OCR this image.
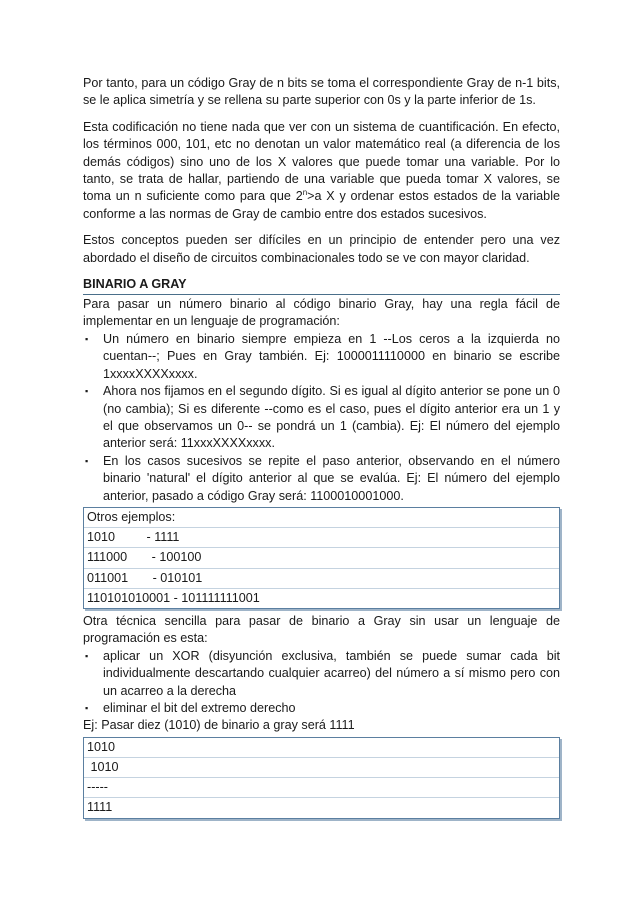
Por tanto, para un código Gray de n bits se toma el correspondiente Gray de n-1 bits, se le aplica simetría y se rellena su parte superior con 0s y la parte inferior de 1s.

Esta codificación no tiene nada que ver con un sistema de cuantificación. En efecto, los términos 000, 101, etc no denotan un valor matemático real (a diferencia de los demás códigos) sino uno de los X valores que puede tomar una variable. Por lo tanto, se trata de hallar, partiendo de una variable que pueda tomar X valores, se toma un n suficiente como para que $2^n>a$ X y ordenar estos estados de la variable conforme a las normas de Gray de cambio entre dos estados sucesivos.

Estos conceptos pueden ser difíciles en un principio de entender pero una vez abordado el diseño de circuitos combinacionales todo se ve con mayor claridad.

BINARIO A GRAY

Para pasar un número binario al código binario Gray, hay una regla fácil de implementar en un lenguaje de programación:

▪ Un número en binario siempre empieza en 1 --Los ceros a la izquierda no cuentan--; Pues en Gray también. Ej: 1000011110000 en binario se escribe 1xxxxXXXXxxxx.
▪ Ahora nos fijamos en el segundo dígito. Si es igual al dígito anterior se pone un 0 (no cambia); Si es diferente --como es el caso, pues el dígito anterior era un 1 y el que observamos un 0-- se pondrá un 1 (cambia). Ej: El número del ejemplo anterior será: 11xxxXXXXxxxx.
▪ En los casos sucesivos se repite el paso anterior, observando en el número binario 'natural' el dígito anterior al que se evalúa. Ej: El número del ejemplo anterior, pasado a código Gray será: 1100010001000.
Otros ejemplos:
1010         - 1111
111000       - 100100
011001       - 010101
110101010001 - 101111111001

Otra técnica sencilla para pasar de binario a Gray sin usar un lenguaje de programación es esta:

▪ aplicar un XOR (disyunción exclusiva, también se puede sumar cada bit individualmente descartando cualquier acarreo) del número a sí mismo pero con un acarreo a la derecha
▪ eliminar el bit del extremo derecho

Ej: Pasar diez (1010) de binario a gray será 1111

1010
1010
-----
1111
